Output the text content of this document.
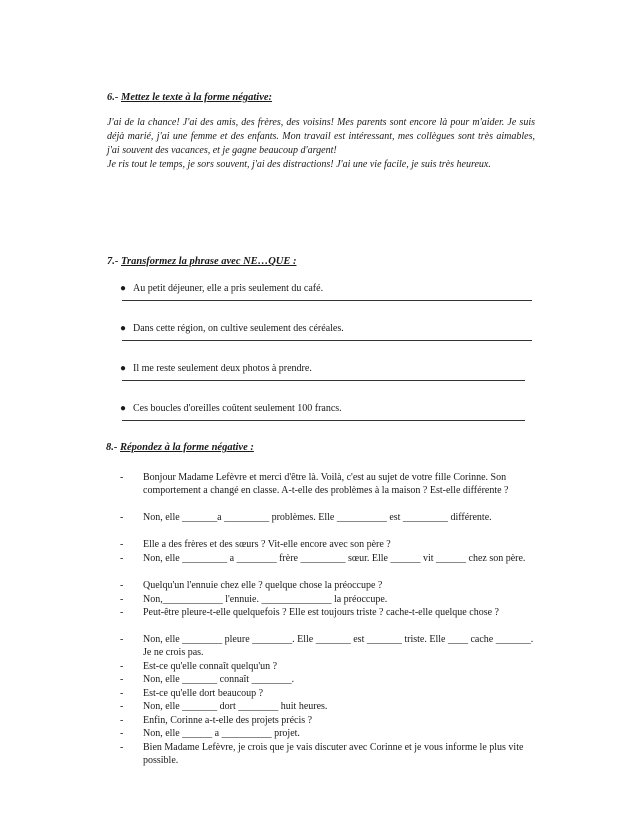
6.- Mettez le texte à la forme négative:

J'ai de la chance! J'ai des amis, des frères, des voisins! Mes parents sont encore là pour m'aider. Je suis déjà marié, j'ai une femme et des enfants. Mon travail est intéressant, mes collègues sont très aimables, j'ai souvent des vacances, et je gagne beaucoup d'argent!

Je ris tout le temps, je sors souvent, j'ai des distractions! J'ai une vie facile, je suis très heureux.

7.- Transformez la phrase avec NE…QUE :
● Au petit déjeuner, elle a pris seulement du café.
● Dans cette région, on cultive seulement des céréales.
● Il me reste seulement deux photos à prendre.
● Ces boucles d'oreilles coûtent seulement 100 francs.
8.- Répondez à la forme négative :
- Bonjour Madame Lefèvre et merci d'être là. Voilà, c'est au sujet de votre fille Corinne. Son comportement a changé en classe. A-t-elle des problèmes à la maison ? Est-elle différente ?
- Non, elle _______a _________ problèmes. Elle __________ est _________ différente.
- Elle a des frères et des sœurs ? Vit-elle encore avec son père ?
- Non, elle _________ a ________ frère _________ sœur. Elle ______ vit ______ chez son père.
- Quelqu'un l'ennuie chez elle ? quelque chose la préoccupe ?
- Non,____________ l'ennuie. ______________ la préoccupe.
- Peut-être pleure-t-elle quelquefois ? Elle est toujours triste ? cache-t-elle quelque chose ?
- Non, elle ________ pleure ________. Elle _______ est _______ triste. Elle ____ cache _______. Je ne crois pas.
- Est-ce qu'elle connaît quelqu'un ?
- Non, elle _______ connaît ________.
- Est-ce qu'elle dort beaucoup ?
- Non, elle _______ dort ________ huit heures.
- Enfin, Corinne a-t-elle des projets précis ?
- Non, elle ______ a __________ projet.
- Bien Madame Lefèvre, je crois que je vais discuter avec Corinne et je vous informe le plus vite possible.
